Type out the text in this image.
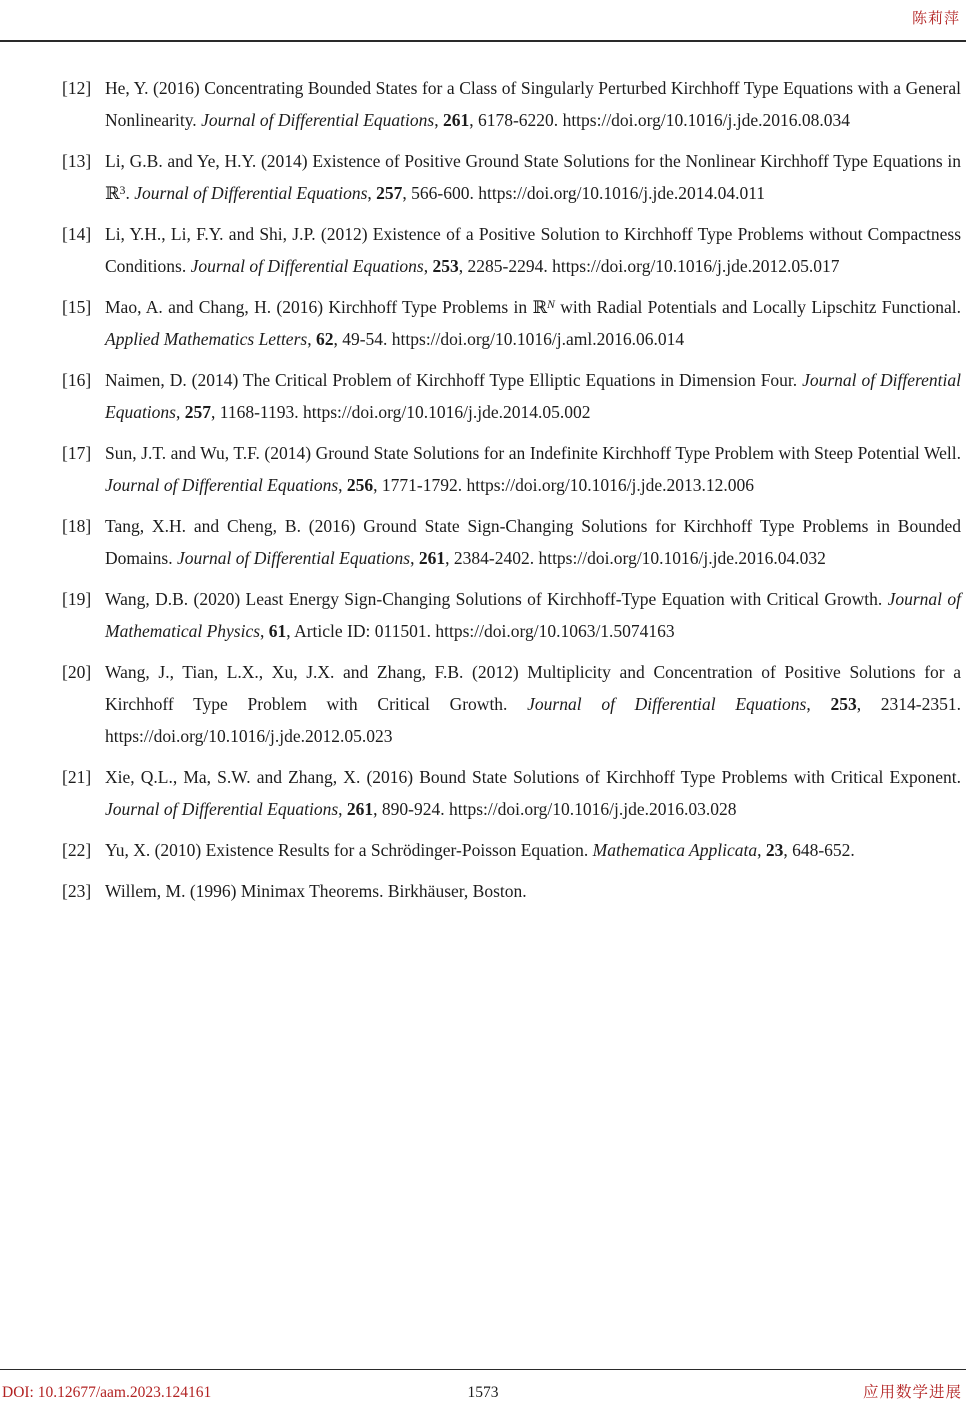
陈莉萍
[12] He, Y. (2016) Concentrating Bounded States for a Class of Singularly Perturbed Kirchhoff Type Equations with a General Nonlinearity. Journal of Differential Equations, 261, 6178-6220. https://doi.org/10.1016/j.jde.2016.08.034
[13] Li, G.B. and Ye, H.Y. (2014) Existence of Positive Ground State Solutions for the Nonlinear Kirchhoff Type Equations in ℝ$^3$. Journal of Differential Equations, 257, 566-600. https://doi.org/10.1016/j.jde.2014.04.011
[14] Li, Y.H., Li, F.Y. and Shi, J.P. (2012) Existence of a Positive Solution to Kirchhoff Type Problems without Compactness Conditions. Journal of Differential Equations, 253, 2285-2294. https://doi.org/10.1016/j.jde.2012.05.017
[15] Mao, A. and Chang, H. (2016) Kirchhoff Type Problems in ℝ$^N$ with Radial Potentials and Locally Lipschitz Functional. Applied Mathematics Letters, 62, 49-54. https://doi.org/10.1016/j.aml.2016.06.014
[16] Naimen, D. (2014) The Critical Problem of Kirchhoff Type Elliptic Equations in Dimension Four. Journal of Differential Equations, 257, 1168-1193. https://doi.org/10.1016/j.jde.2014.05.002
[17] Sun, J.T. and Wu, T.F. (2014) Ground State Solutions for an Indefinite Kirchhoff Type Problem with Steep Potential Well. Journal of Differential Equations, 256, 1771-1792. https://doi.org/10.1016/j.jde.2013.12.006
[18] Tang, X.H. and Cheng, B. (2016) Ground State Sign-Changing Solutions for Kirchhoff Type Problems in Bounded Domains. Journal of Differential Equations, 261, 2384-2402. https://doi.org/10.1016/j.jde.2016.04.032
[19] Wang, D.B. (2020) Least Energy Sign-Changing Solutions of Kirchhoff-Type Equation with Critical Growth. Journal of Mathematical Physics, 61, Article ID: 011501. https://doi.org/10.1063/1.5074163
[20] Wang, J., Tian, L.X., Xu, J.X. and Zhang, F.B. (2012) Multiplicity and Concentration of Positive Solutions for a Kirchhoff Type Problem with Critical Growth. Journal of Differential Equations, 253, 2314-2351. https://doi.org/10.1016/j.jde.2012.05.023
[21] Xie, Q.L., Ma, S.W. and Zhang, X. (2016) Bound State Solutions of Kirchhoff Type Problems with Critical Exponent. Journal of Differential Equations, 261, 890-924. https://doi.org/10.1016/j.jde.2016.03.028
[22] Yu, X. (2010) Existence Results for a Schrödinger-Poisson Equation. Mathematica Applicata, 23, 648-652.
[23] Willem, M. (1996) Minimax Theorems. Birkhäuser, Boston.
DOI: 10.12677/aam.2023.124161	1573	应用数学进展
